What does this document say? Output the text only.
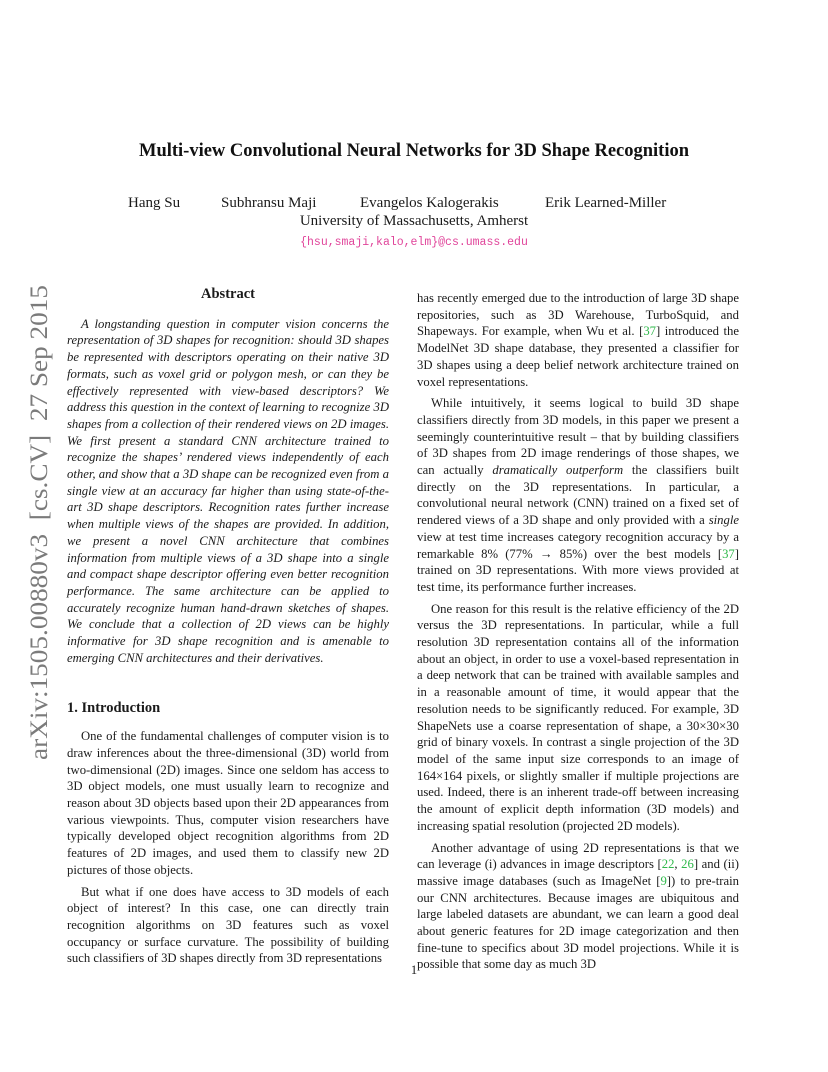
arXiv:1505.00880v3  [cs.CV]  27 Sep 2015
Multi-view Convolutional Neural Networks for 3D Shape Recognition
Hang Su	Subhransu Maji	Evangelos Kalogerakis	Erik Learned-Miller
University of Massachusetts, Amherst
{hsu,smaji,kalo,elm}@cs.umass.edu
Abstract

A longstanding question in computer vision concerns the representation of 3D shapes for recognition: should 3D shapes be represented with descriptors operating on their native 3D formats, such as voxel grid or polygon mesh, or can they be effectively represented with view-based descriptors? We address this question in the context of learning to recognize 3D shapes from a collection of their rendered views on 2D images. We first present a standard CNN architecture trained to recognize the shapes’ rendered views independently of each other, and show that a 3D shape can be recognized even from a single view at an accuracy far higher than using state-of-the-art 3D shape descriptors. Recognition rates further increase when multiple views of the shapes are provided. In addition, we present a novel CNN architecture that combines information from multiple views of a 3D shape into a single and compact shape descriptor offering even better recognition performance. The same architecture can be applied to accurately recognize human hand-drawn sketches of shapes. We conclude that a collection of 2D views can be highly informative for 3D shape recognition and is amenable to emerging CNN architectures and their derivatives.

1. Introduction

One of the fundamental challenges of computer vision is to draw inferences about the three-dimensional (3D) world from two-dimensional (2D) images. Since one seldom has access to 3D object models, one must usually learn to recognize and reason about 3D objects based upon their 2D appearances from various viewpoints. Thus, computer vision researchers have typically developed object recognition algorithms from 2D features of 2D images, and used them to classify new 2D pictures of those objects.

But what if one does have access to 3D models of each object of interest? In this case, one can directly train recognition algorithms on 3D features such as voxel occupancy or surface curvature. The possibility of building such classifiers of 3D shapes directly from 3D representations

has recently emerged due to the introduction of large 3D shape repositories, such as 3D Warehouse, TurboSquid, and Shapeways. For example, when Wu et al. [37] introduced the ModelNet 3D shape database, they presented a classifier for 3D shapes using a deep belief network architecture trained on voxel representations.

While intuitively, it seems logical to build 3D shape classifiers directly from 3D models, in this paper we present a seemingly counterintuitive result – that by building classifiers of 3D shapes from 2D image renderings of those shapes, we can actually dramatically outperform the classifiers built directly on the 3D representations. In particular, a convolutional neural network (CNN) trained on a fixed set of rendered views of a 3D shape and only provided with a single view at test time increases category recognition accuracy by a remarkable 8% (77% → 85%) over the best models [37] trained on 3D representations. With more views provided at test time, its performance further increases.

One reason for this result is the relative efficiency of the 2D versus the 3D representations. In particular, while a full resolution 3D representation contains all of the information about an object, in order to use a voxel-based representation in a deep network that can be trained with available samples and in a reasonable amount of time, it would appear that the resolution needs to be significantly reduced. For example, 3D ShapeNets use a coarse representation of shape, a 30×30×30 grid of binary voxels. In contrast a single projection of the 3D model of the same input size corresponds to an image of 164×164 pixels, or slightly smaller if multiple projections are used. Indeed, there is an inherent trade-off between increasing the amount of explicit depth information (3D models) and increasing spatial resolution (projected 2D models).

Another advantage of using 2D representations is that we can leverage (i) advances in image descriptors [22, 26] and (ii) massive image databases (such as ImageNet [9]) to pre-train our CNN architectures. Because images are ubiquitous and large labeled datasets are abundant, we can learn a good deal about generic features for 2D image categorization and then fine-tune to specifics about 3D model projections. While it is possible that some day as much 3D

1
